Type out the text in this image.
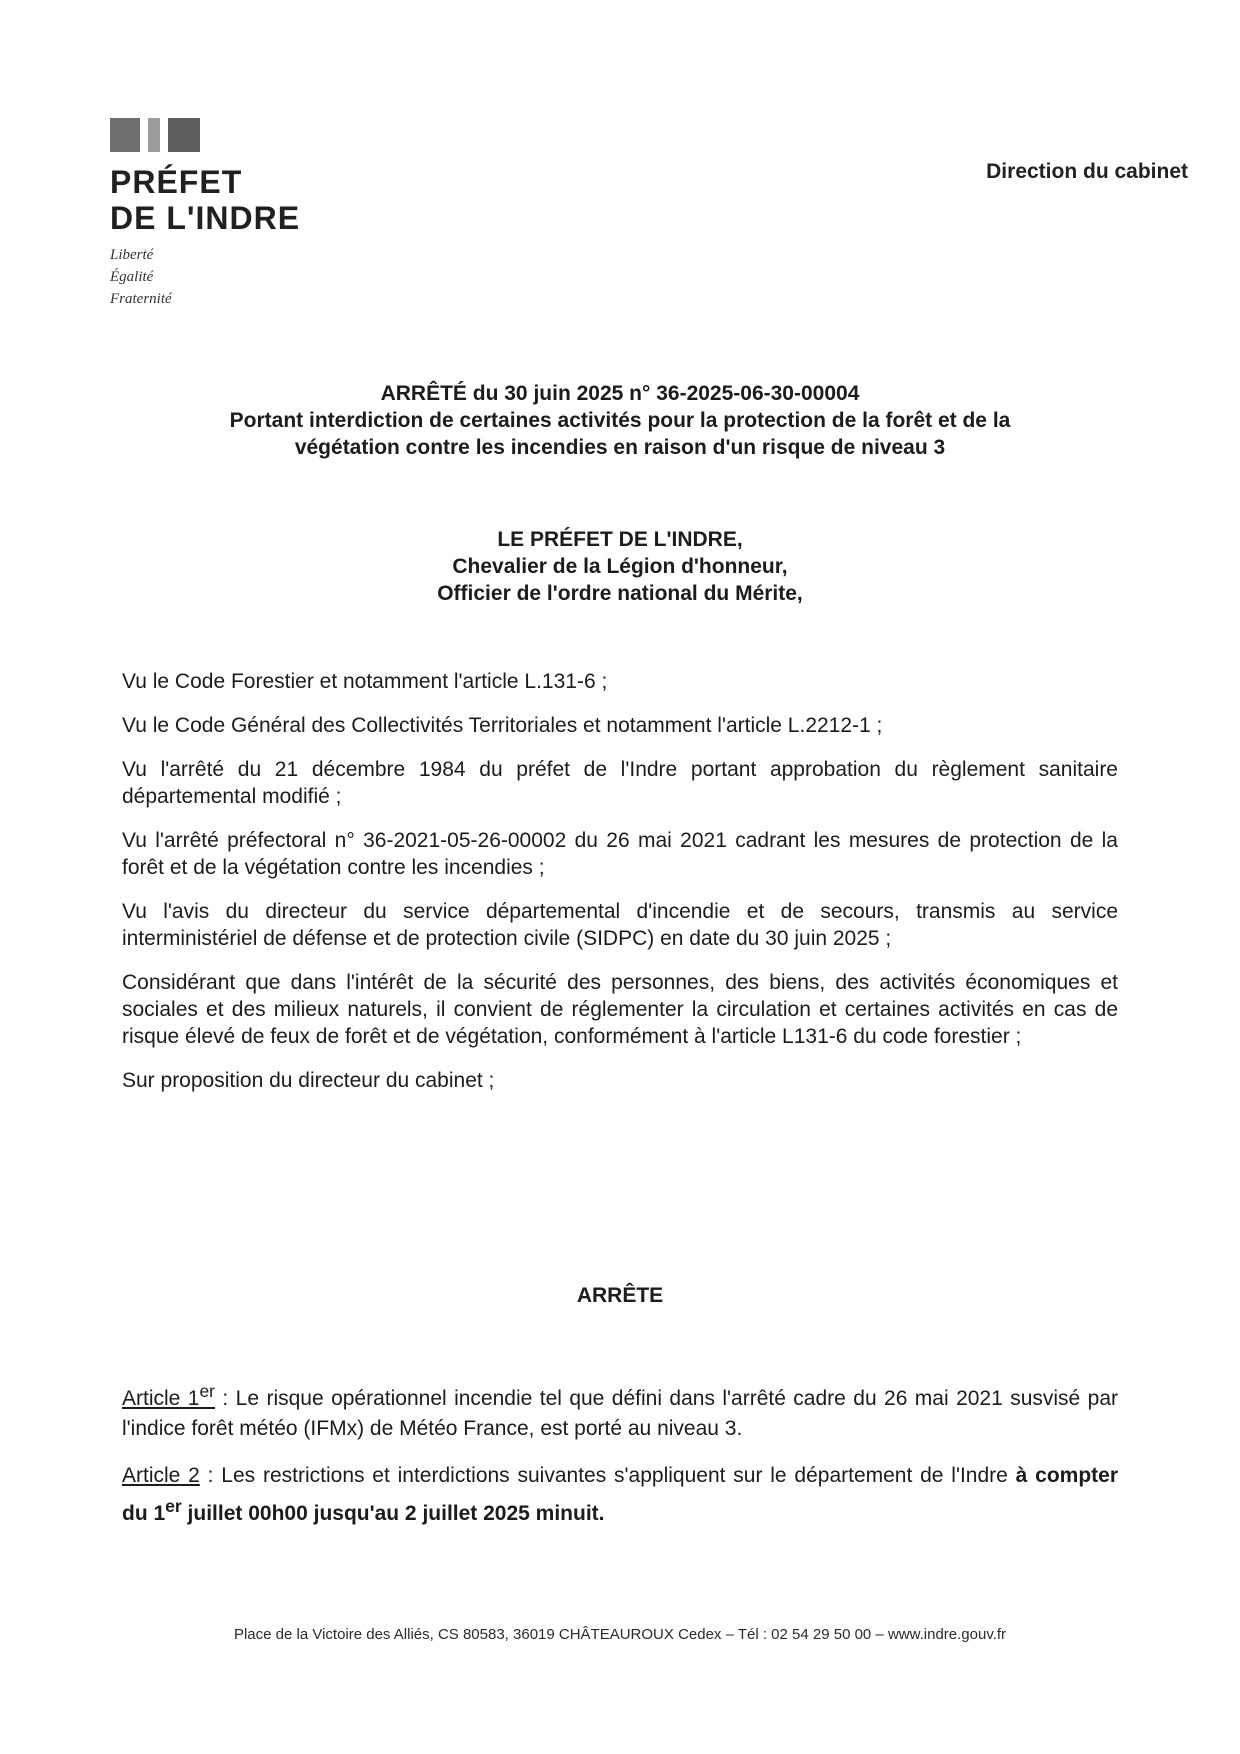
PRÉFET
DE L'INDRE
Liberté
Égalité
Fraternité
Direction du cabinet
ARRÊTÉ du 30 juin 2025 n° 36-2025-06-30-00004
Portant interdiction de certaines activités pour la protection de la forêt et de la
végétation contre les incendies en raison d'un risque de niveau 3
LE PRÉFET DE L'INDRE,
Chevalier de la Légion d'honneur,
Officier de l'ordre national du Mérite,

Vu le Code Forestier et notamment l'article L.131-6 ;

Vu le Code Général des Collectivités Territoriales et notamment l'article L.2212-1 ;

Vu l'arrêté du 21 décembre 1984 du préfet de l'Indre portant approbation du règlement sanitaire départemental modifié ;

Vu l'arrêté préfectoral n° 36-2021-05-26-00002 du 26 mai 2021 cadrant les mesures de protection de la forêt et de la végétation contre les incendies ;

Vu l'avis du directeur du service départemental d'incendie et de secours, transmis au service interministériel de défense et de protection civile (SIDPC) en date du 30 juin 2025 ;

Considérant que dans l'intérêt de la sécurité des personnes, des biens, des activités économiques et sociales et des milieux naturels, il convient de réglementer la circulation et certaines activités en cas de risque élevé de feux de forêt et de végétation, conformément à l'article L131-6 du code forestier ;

Sur proposition du directeur du cabinet ;

ARRÊTE

Article 1er : Le risque opérationnel incendie tel que défini dans l'arrêté cadre du 26 mai 2021 susvisé par l'indice forêt météo (IFMx) de Météo France, est porté au niveau 3.

Article 2 : Les restrictions et interdictions suivantes s'appliquent sur le département de l'Indre à compter du 1er juillet 00h00 jusqu'au 2 juillet 2025 minuit.

Place de la Victoire des Alliés, CS 80583, 36019 CHÂTEAUROUX Cedex – Tél : 02 54 29 50 00 – www.indre.gouv.fr
